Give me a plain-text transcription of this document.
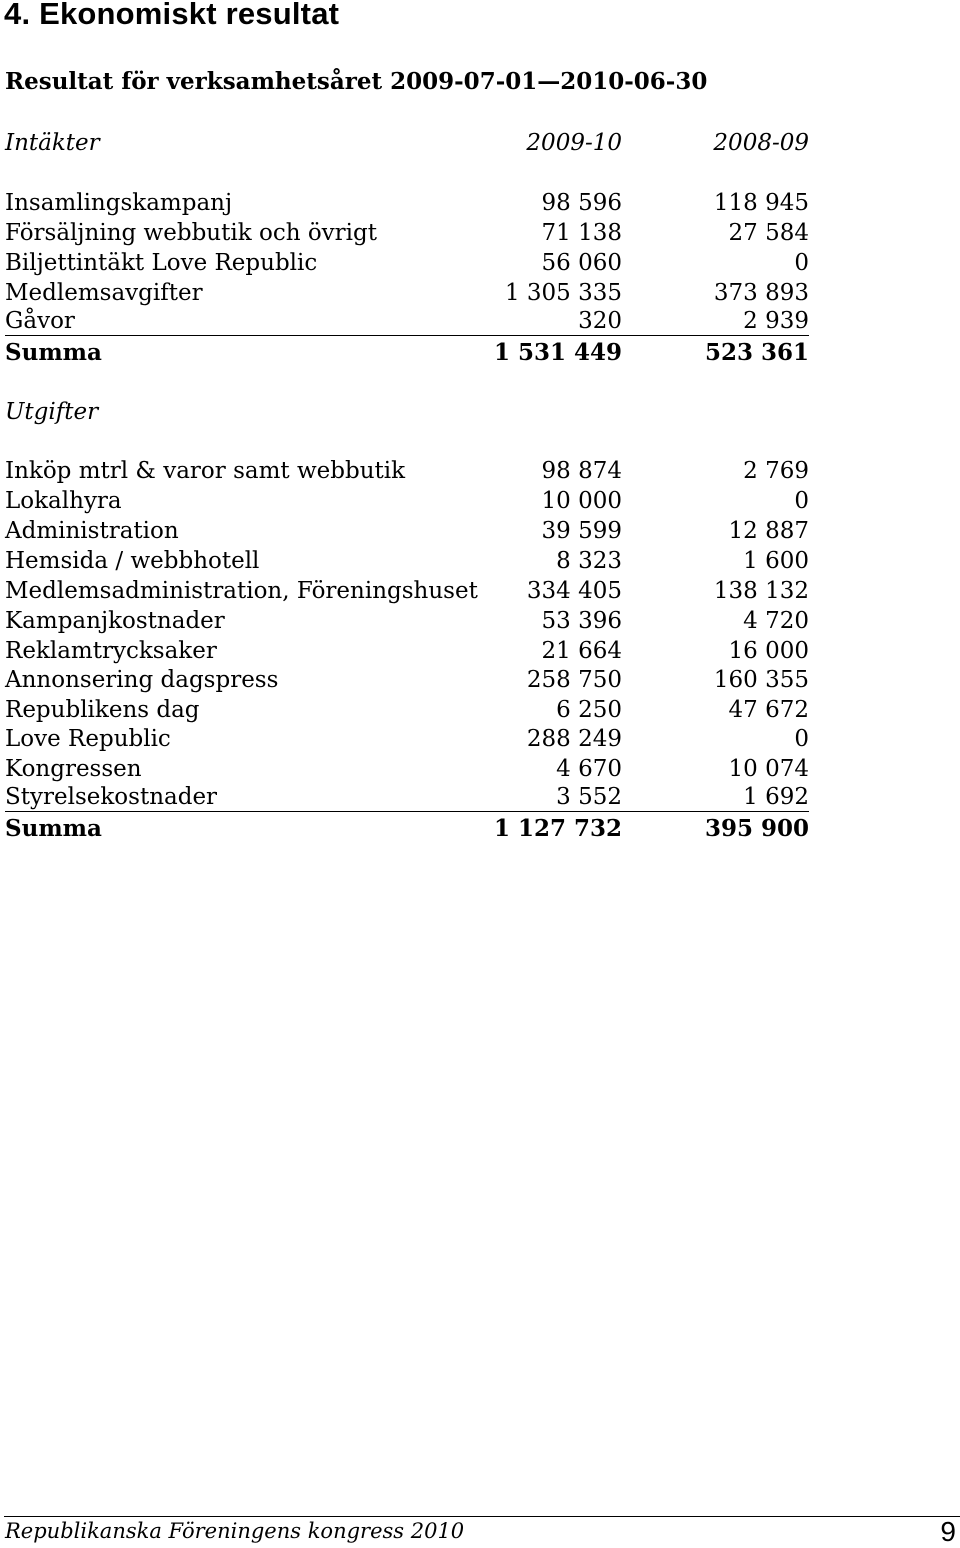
4. Ekonomiskt resultat
Resultat för verksamhetsåret 2009-07-01—2010-06-30
Intäkter	2009-10	2008-09
Insamlingskampanj	98 596	118 945
Försäljning webbutik och övrigt	71 138	27 584
Biljettintäkt Love Republic	56 060	0
Medlemsavgifter	1 305 335	373 893
Gåvor	320	2 939
Summa	1 531 449	523 361
Utgifter
Inköp mtrl & varor samt webbutik	98 874	2 769
Lokalhyra	10 000	0
Administration	39 599	12 887
Hemsida / webbhotell	8 323	1 600
Medlemsadministration, Föreningshuset 334 405	138 132
Kampanjkostnader	53 396	4 720
Reklamtrycksaker	21 664	16 000
Annonsering dagspress	258 750	160 355
Republikens dag	6 250	47 672
Love Republic	288 249	0
Kongressen	4 670	10 074
Styrelsekostnader	3 552	1 692
Summa	1 127 732	395 900
Republikanska Föreningens kongress 2010	9
